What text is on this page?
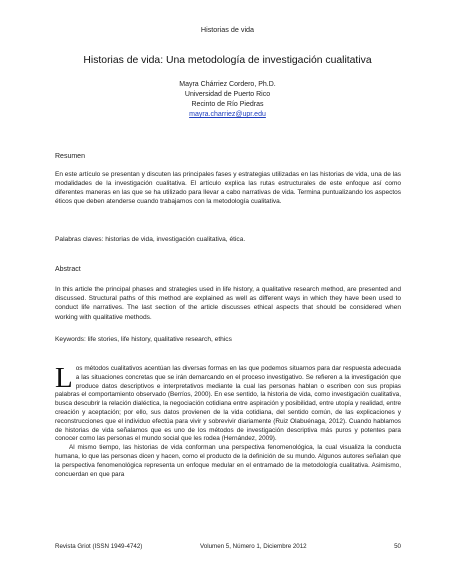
Historias de vida
Historias de vida: Una metodología de investigación cualitativa
Mayra Chárriez Cordero, Ph.D.
Universidad de Puerto Rico
Recinto de Río Piedras
mayra.charriez@upr.edu
Resumen
En este artículo se presentan y discuten las principales fases y estrategias utilizadas en las historias de vida, una de las modalidades de la investigación cualitativa. El artículo explica las rutas estructurales de este enfoque así como diferentes maneras en las que se ha utilizado para llevar a cabo narrativas de vida. Termina puntualizando los aspectos éticos que deben atenderse cuando trabajamos con la metodología cualitativa.
Palabras claves: historias de vida, investigación cualitativa, ética.
Abstract
In this article the principal phases and strategies used in life history, a qualitative research method, are presented and discussed. Structural paths of this method are explained as well as different ways in which they have been used to conduct life narratives. The last section of the article discusses ethical aspects that should be considered when working with qualitative methods.
Keywords: life stories, life history, qualitative research, ethics

Los métodos cualitativos acentúan las diversas formas en las que podemos situarnos para dar respuesta adecuada a las situaciones concretas que se irán demarcando en el proceso investigativo. Se refieren a la investigación que produce datos descriptivos e interpretativos mediante la cual las personas hablan o escriben con sus propias palabras el comportamiento observado (Berríos, 2000). En ese sentido, la historia de vida, como investigación cualitativa, busca descubrir la relación dialéctica, la negociación cotidiana entre aspiración y posibilidad, entre utopía y realidad, entre creación y aceptación; por ello, sus datos provienen de la vida cotidiana, del sentido común, de las explicaciones y reconstrucciones que el individuo efectúa para vivir y sobrevivir diariamente (Ruiz Olabuénaga, 2012). Cuando hablamos de historias de vida señalamos que es uno de los métodos de investigación descriptiva más puros y potentes para conocer como las personas el mundo social que les rodea (Hernández, 2009).

Al mismo tiempo, las historias de vida conforman una perspectiva fenomenológica, la cual visualiza la conducta humana, lo que las personas dicen y hacen, como el producto de la definición de su mundo. Algunos autores señalan que la perspectiva fenomenológica representa un enfoque medular en el entramado de la metodología cualitativa. Asimismo, concuerdan en que para

Revista Griot (ISSN 1949-4742)	Volumen 5, Número 1, Diciembre 2012	50
